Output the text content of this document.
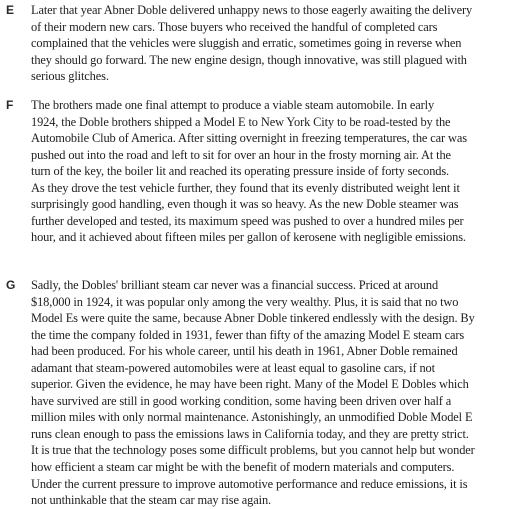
E Later that year Abner Doble delivered unhappy news to those eagerly awaiting the delivery
of their modern new cars. Those buyers who received the handful of completed cars
complained that the vehicles were sluggish and erratic, sometimes going in reverse when
they should go forward. The new engine design, though innovative, was still plagued with
serious glitches.
F The brothers made one final attempt to produce a viable steam automobile. In early
1924, the Doble brothers shipped a Model E to New York City to be road-tested by the
Automobile Club of America. After sitting overnight in freezing temperatures, the car was
pushed out into the road and left to sit for over an hour in the frosty morning air. At the
turn of the key, the boiler lit and reached its operating pressure inside of forty seconds.
As they drove the test vehicle further, they found that its evenly distributed weight lent it
surprisingly good handling, even though it was so heavy. As the new Doble steamer was
further developed and tested, its maximum speed was pushed to over a hundred miles per
hour, and it achieved about fifteen miles per gallon of kerosene with negligible emissions.
G Sadly, the Dobles' brilliant steam car never was a financial success. Priced at around
$18,000 in 1924, it was popular only among the very wealthy. Plus, it is said that no two
Model Es were quite the same, because Abner Doble tinkered endlessly with the design. By
the time the company folded in 1931, fewer than fifty of the amazing Model E steam cars
had been produced. For his whole career, until his death in 1961, Abner Doble remained
adamant that steam-powered automobiles were at least equal to gasoline cars, if not
superior. Given the evidence, he may have been right. Many of the Model E Dobles which
have survived are still in good working condition, some having been driven over half a
million miles with only normal maintenance. Astonishingly, an unmodified Doble Model E
runs clean enough to pass the emissions laws in California today, and they are pretty strict.
It is true that the technology poses some difficult problems, but you cannot help but wonder
how efficient a steam car might be with the benefit of modern materials and computers.
Under the current pressure to improve automotive performance and reduce emissions, it is
not unthinkable that the steam car may rise again.
